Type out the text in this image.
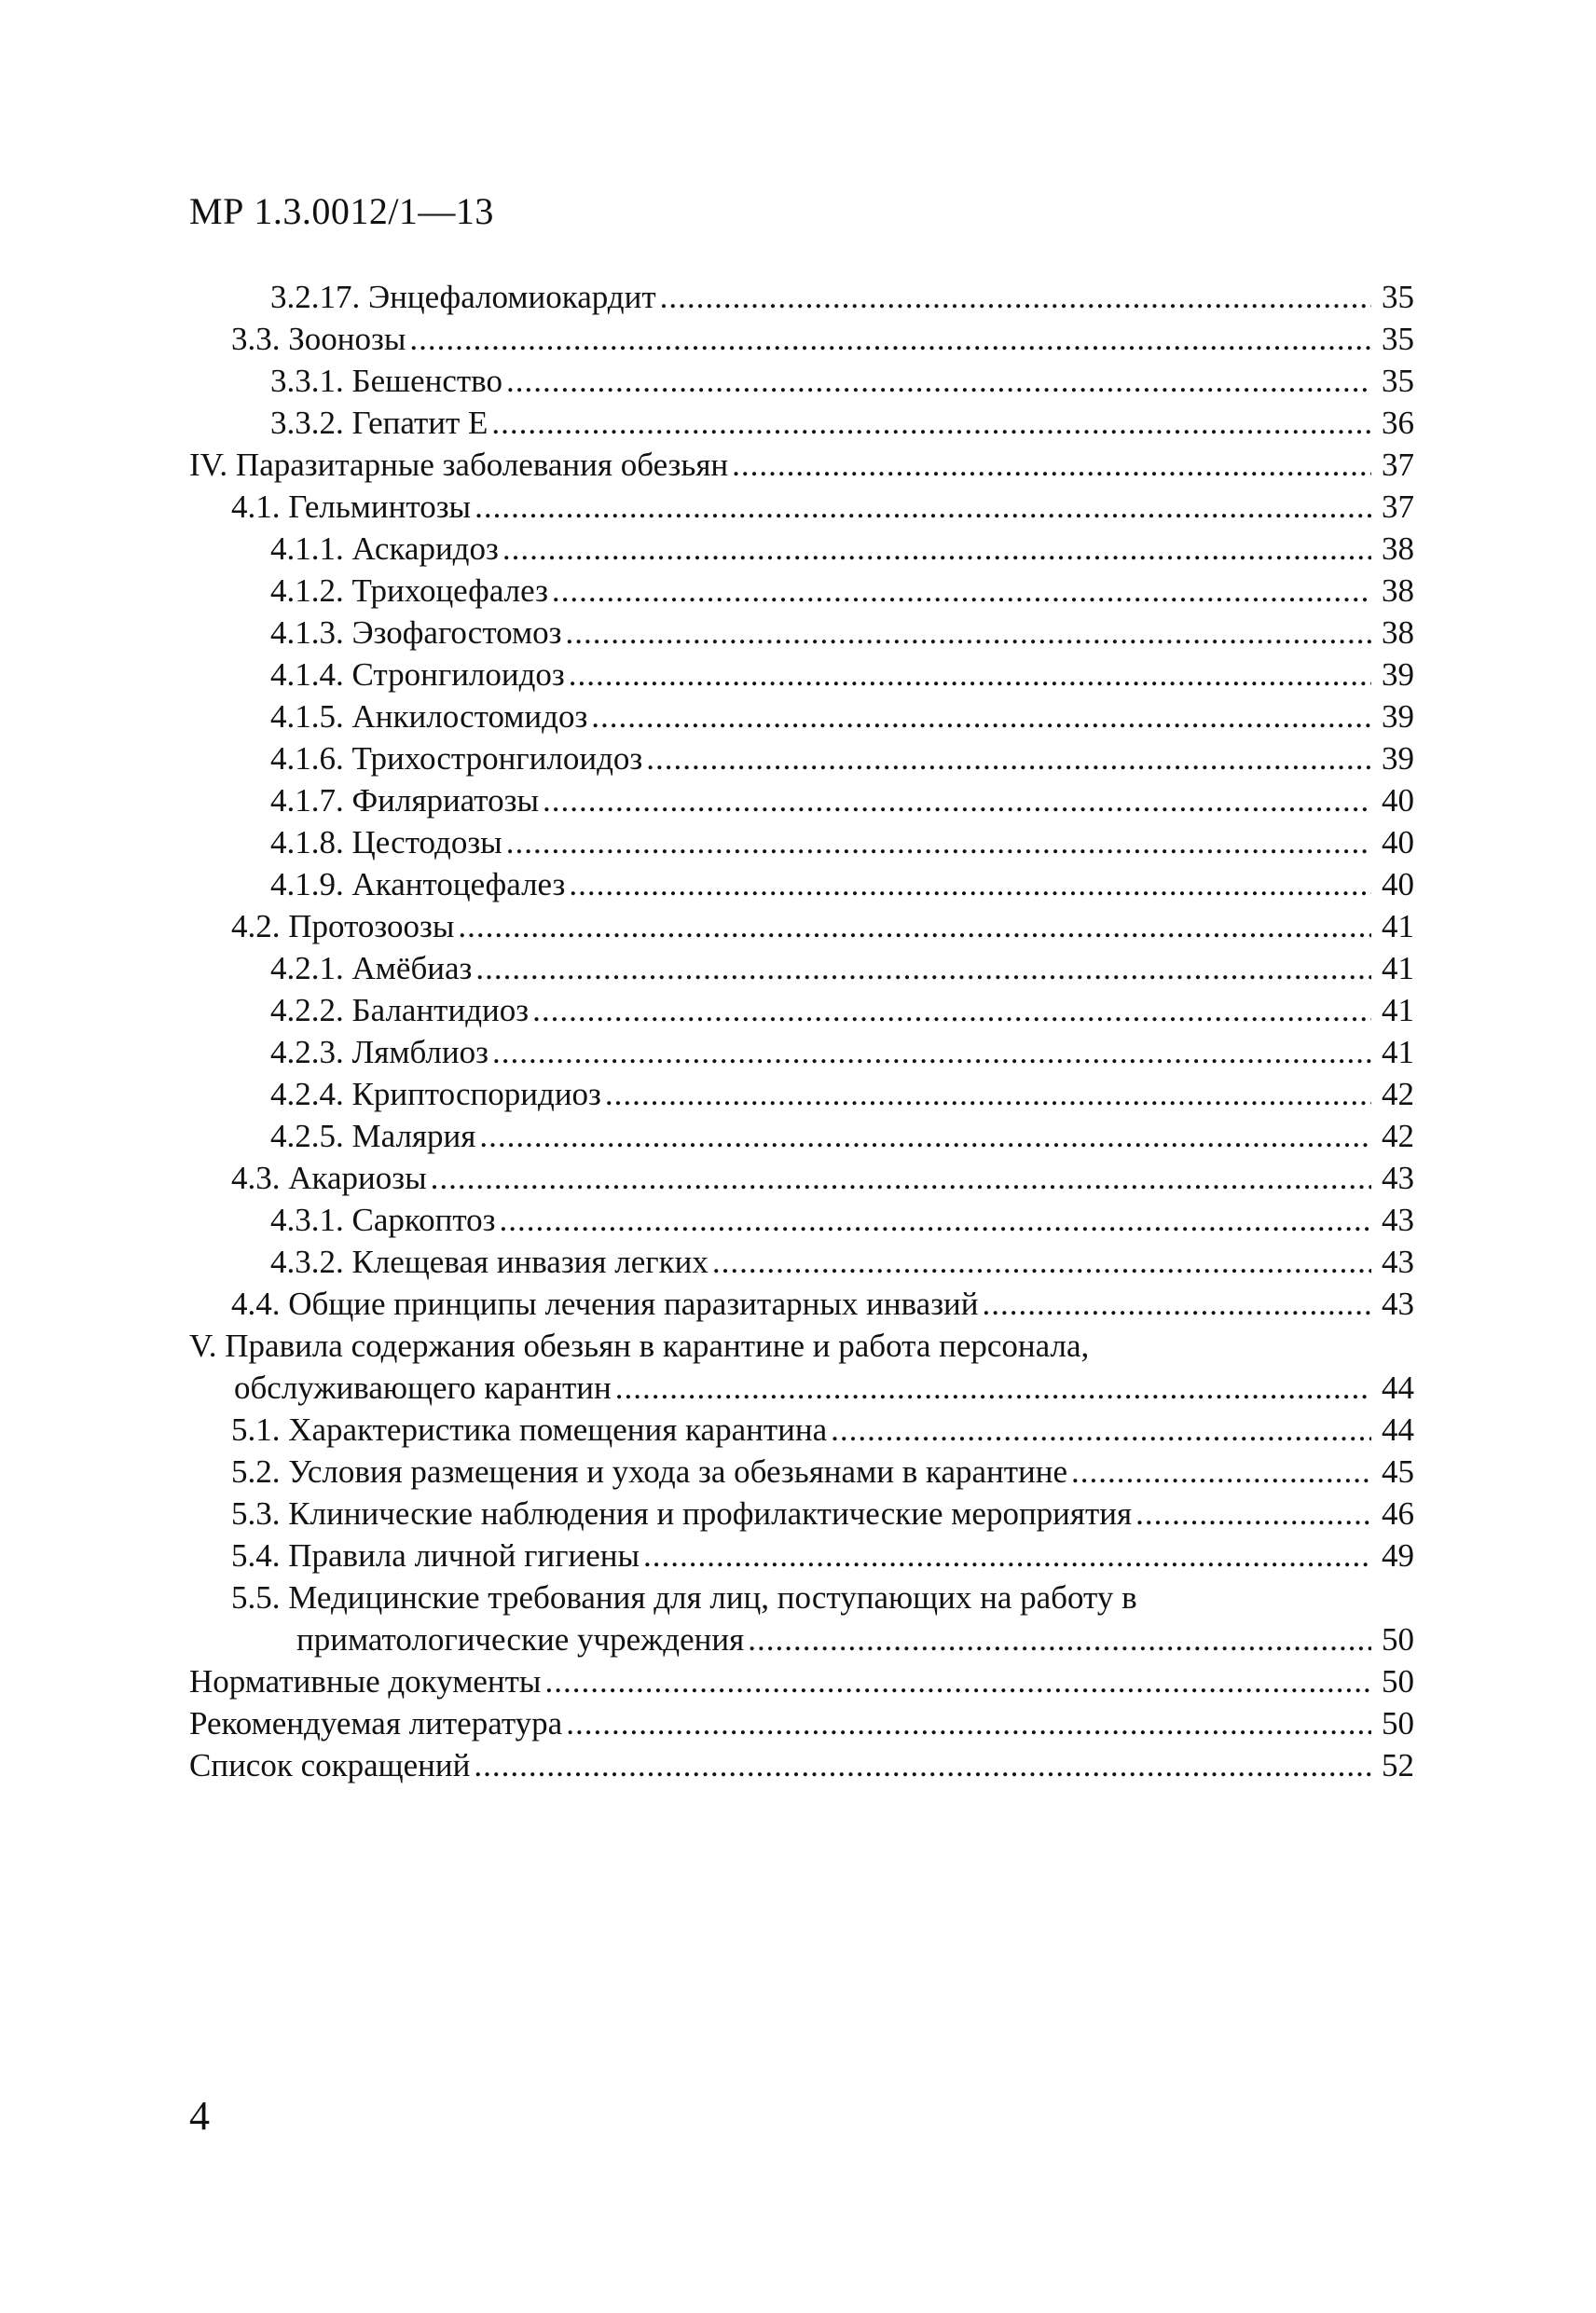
МР 1.3.0012/1—13
3.2.17. Энцефаломиокардит .....	35
3.3. Зоонозы .....	35
3.3.1. Бешенство .....	35
3.3.2. Гепатит Е .....	36
IV. Паразитарные заболевания обезьян .....	37
4.1. Гельминтозы .....	37
4.1.1. Аскаридоз .....	38
4.1.2. Трихоцефалез .....	38
4.1.3. Эзофагостомоз .....	38
4.1.4. Стронгилоидоз .....	39
4.1.5. Анкилостомидоз .....	39
4.1.6. Трихостронгилоидоз .....	39
4.1.7. Филяриатозы .....	40
4.1.8. Цестодозы .....	40
4.1.9. Акантоцефалез .....	40
4.2. Протозоозы .....	41
4.2.1. Амёбиаз .....	41
4.2.2. Балантидиоз .....	41
4.2.3. Лямблиоз .....	41
4.2.4. Криптоспоридиоз .....	42
4.2.5. Малярия .....	42
4.3. Акариозы .....	43
4.3.1. Саркоптоз .....	43
4.3.2. Клещевая инвазия легких .....	43
4.4. Общие принципы лечения паразитарных инвазий .....	43
V. Правила содержания обезьян в карантине и работа персонала,
обслуживающего карантин .....	44
5.1. Характеристика помещения карантина .....	44
5.2. Условия размещения и ухода за обезьянами в карантине .....	45
5.3. Клинические наблюдения и профилактические мероприятия .....	46
5.4. Правила личной гигиены .....	49
5.5. Медицинские требования для лиц, поступающих на работу в
приматологические учреждения .....	50
Нормативные документы .....	50
Рекомендуемая литература .....	50
Список сокращений .....	52
4
